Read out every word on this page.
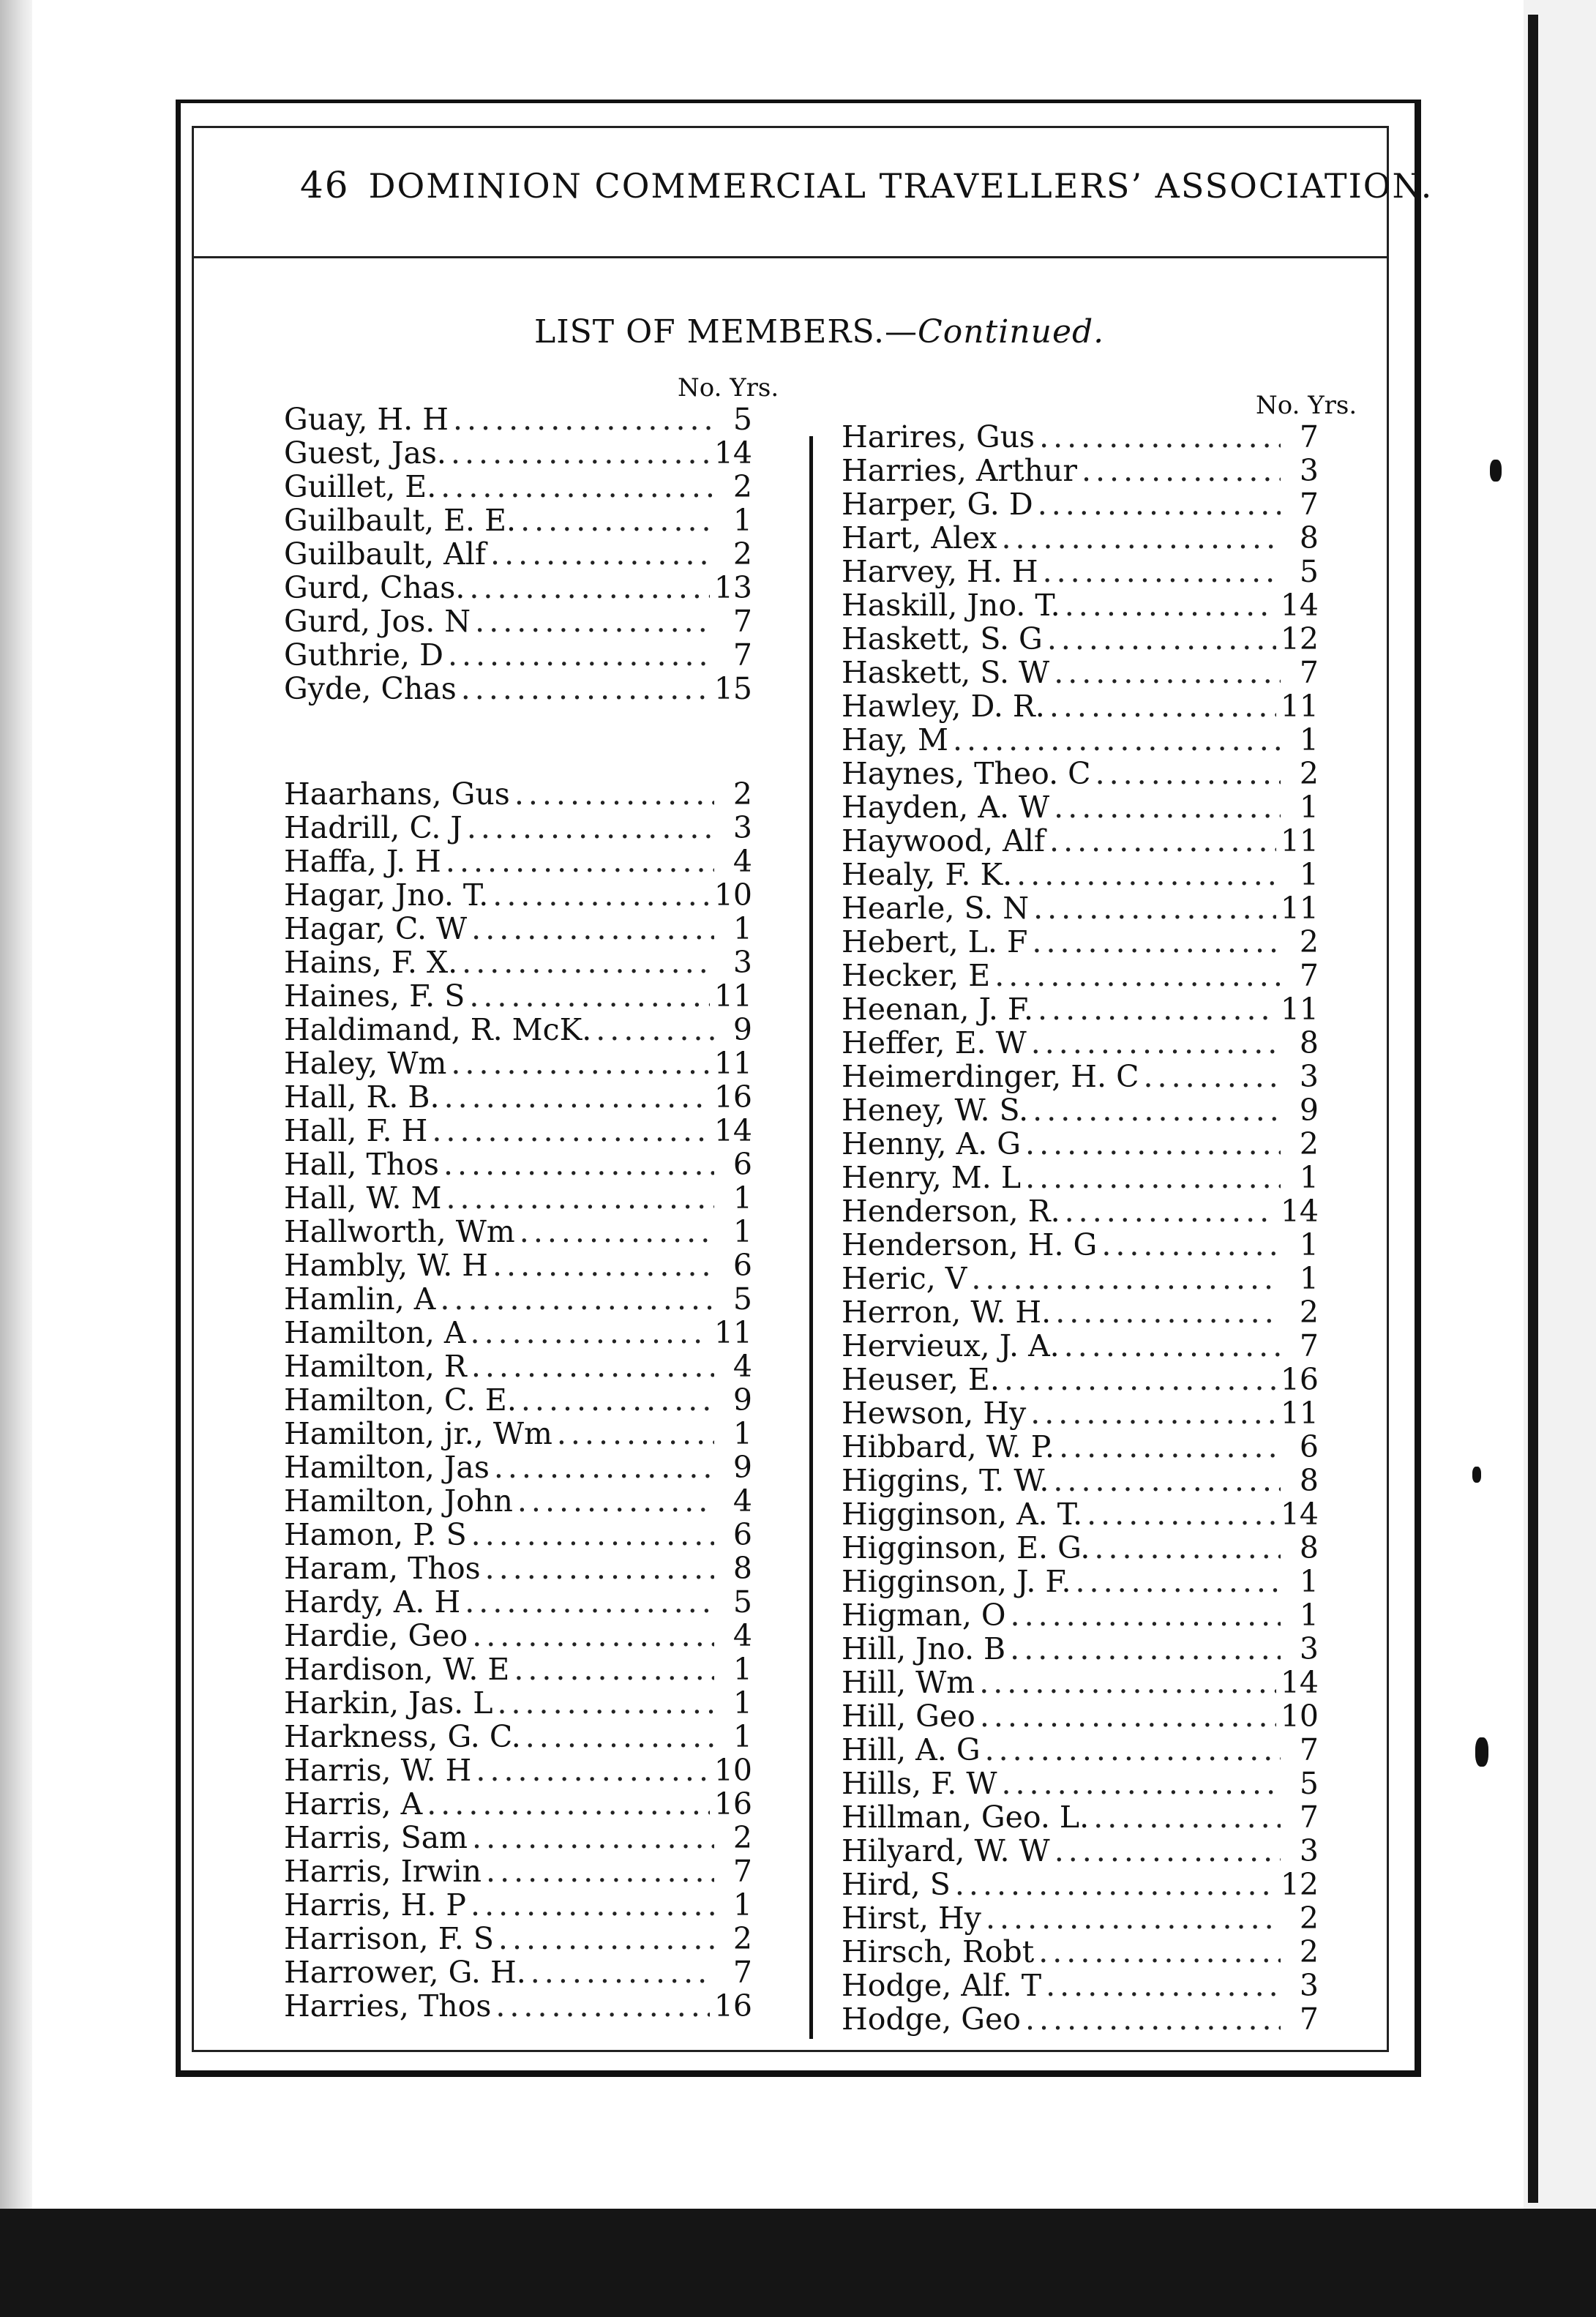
46 DOMINION COMMERCIAL TRAVELLERS’ ASSOCIATION.
LIST OF MEMBERS.—Continued.
No. Yrs.
No. Yrs.
Guay, H. H .....	5
Guest, Jas. .....	14
Guillet, E. .....	2
Guilbault, E. E. .....	1
Guilbault, Alf .....	2
Gurd, Chas. .....	13
Gurd, Jos. N .....	7
Guthrie, D .....	7
Gyde, Chas .....	15
Haarhans, Gus .....	2
Hadrill, C. J .....	3
Haffa, J. H .....	4
Hagar, Jno. T. .....	10
Hagar, C. W .....	1
Hains, F. X. .....	3
Haines, F. S .....	11
Haldimand, R. McK. .....	9
Haley, Wm .....	11
Hall, R. B. .....	16
Hall, F. H .....	14
Hall, Thos .....	6
Hall, W. M .....	1
Hallworth, Wm .....	1
Hambly, W. H .....	6
Hamlin, A .....	5
Hamilton, A .....	11
Hamilton, R .....	4
Hamilton, C. E. .....	9
Hamilton, jr., Wm .....	1
Hamilton, Jas .....	9
Hamilton, John .....	4
Hamon, P. S .....	6
Haram, Thos .....	8
Hardy, A. H .....	5
Hardie, Geo .....	4
Hardison, W. E .....	1
Harkin, Jas. L .....	1
Harkness, G. C. .....	1
Harris, W. H .....	10
Harris, A .....	16
Harris, Sam .....	2
Harris, Irwin .....	7
Harris, H. P .....	1
Harrison, F. S .....	2
Harrower, G. H. .....	7
Harries, Thos .....	16
Harires, Gus .....	7
Harries, Arthur .....	3
Harper, G. D .....	7
Hart, Alex .....	8
Harvey, H. H .....	5
Haskill, Jno. T. .....	14
Haskett, S. G .....	12
Haskett, S. W .....	7
Hawley, D. R. .....	11
Hay, M .....	1
Haynes, Theo. C .....	2
Hayden, A. W .....	1
Haywood, Alf .....	11
Healy, F. K. .....	1
Hearle, S. N .....	11
Hebert, L. F .....	2
Hecker, E .....	7
Heenan, J. F. .....	11
Heffer, E. W .....	8
Heimerdinger, H. C .....	3
Heney, W. S. .....	9
Henny, A. G .....	2
Henry, M. L .....	1
Henderson, R. .....	14
Henderson, H. G .....	1
Heric, V .....	1
Herron, W. H. .....	2
Hervieux, J. A. .....	7
Heuser, E. .....	16
Hewson, Hy .....	11
Hibbard, W. P. .....	6
Higgins, T. W. .....	8
Higginson, A. T. .....	14
Higginson, E. G. .....	8
Higginson, J. F. .....	1
Higman, O .....	1
Hill, Jno. B .....	3
Hill, Wm .....	14
Hill, Geo .....	10
Hill, A. G .....	7
Hills, F. W .....	5
Hillman, Geo. L. .....	7
Hilyard, W. W .....	3
Hird, S .....	12
Hirst, Hy .....	2
Hirsch, Robt .....	2
Hodge, Alf. T .....	3
Hodge, Geo .....	7
